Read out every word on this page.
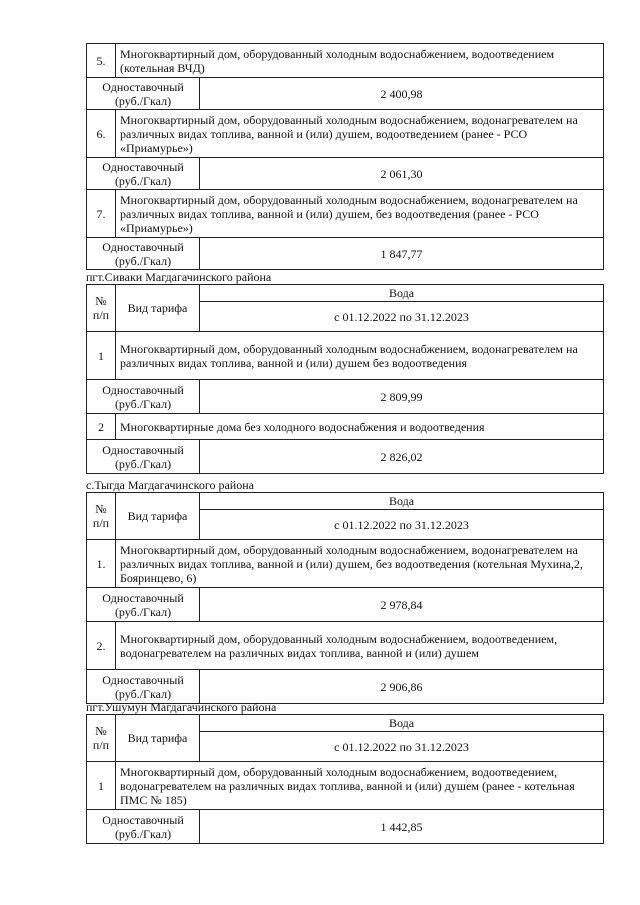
5.	Многоквартирный дом, оборудованный холодным водоснабжением, водоотведением (котельная ВЧД)	
Одноставочный (руб./Гкал)		2 400,98
6.	Многоквартирный дом, оборудованный холодным водоснабжением, водонагревателем на различных видах топлива, ванной и (или) душем, водоотведением (ранее - РСО «Приамурье»)	
Одноставочный (руб./Гкал)		2 061,30
7.	Многоквартирный дом, оборудованный холодным водоснабжением, водонагревателем на различных видах топлива, ванной и (или) душем, без водоотведения (ранее - РСО «Приамурье»)	
Одноставочный (руб./Гкал)		1 847,77
пгт.Сиваки Магдагачинского района
№ п/п	Вид тарифа	Вода
		с 01.12.2022 по 31.12.2023
1	Многоквартирный дом, оборудованный холодным водоснабжением, водонагревателем на различных видах топлива, ванной и (или) душем без водоотведения	
Одноставочный (руб./Гкал)		2 809,99
2	Многоквартирные дома без холодного водоснабжения и водоотведения	
Одноставочный (руб./Гкал)		2 826,02
с.Тыгда Магдагачинского района
№ п/п	Вид тарифа	Вода
		с 01.12.2022 по 31.12.2023
1.	Многоквартирный дом, оборудованный холодным водоснабжением, водонагревателем на различных видах топлива, ванной и (или) душем, без водоотведения (котельная Мухина,2, Бояринцево, 6)	
Одноставочный (руб./Гкал)		2 978,84
2.	Многоквартирный дом, оборудованный холодным водоснабжением, водоотведением, водонагревателем на различных видах топлива, ванной и (или) душем	
Одноставочный (руб./Гкал)		2 906,86
пгт.Ушумун Магдагачинского района
№ п/п	Вид тарифа	Вода
		с 01.12.2022 по 31.12.2023
1	Многоквартирный дом, оборудованный холодным водоснабжением, водоотведением, водонагревателем на различных видах топлива, ванной и (или) душем (ранее - котельная ПМС № 185)	
Одноставочный (руб./Гкал)		1 442,85
